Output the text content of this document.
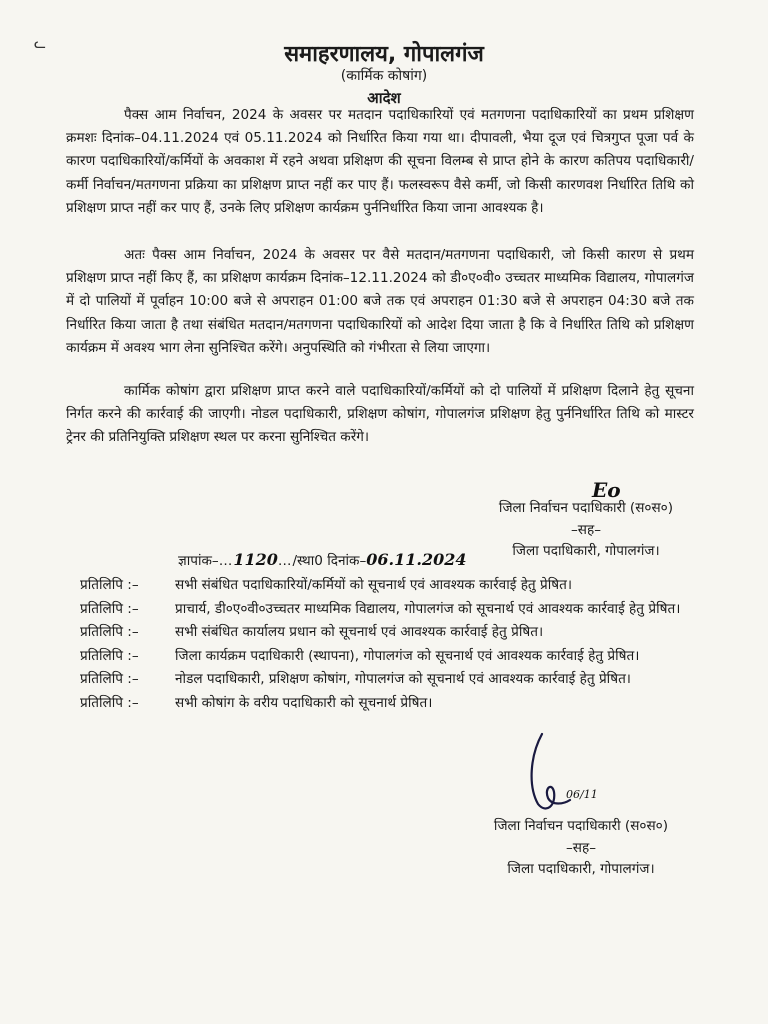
ᓚ	समाहरणालय, गोपालगंज
(कार्मिक कोषांग)
आदेश
पैक्स आम निर्वाचन, 2024 के अवसर पर मतदान पदाधिकारियों एवं मतगणना पदाधिकारियों का प्रथम प्रशिक्षण क्रमशः दिनांक–04.11.2024 एवं 05.11.2024 को निर्धारित किया गया था। दीपावली, भैया दूज एवं चित्रगुप्त पूजा पर्व के कारण पदाधिकारियों/कर्मियों के अवकाश में रहने अथवा प्रशिक्षण की सूचना विलम्ब से प्राप्त होने के कारण कतिपय पदाधिकारी/कर्मी निर्वाचन/मतगणना प्रक्रिया का प्रशिक्षण प्राप्त नहीं कर पाए हैं। फलस्वरूप वैसे कर्मी, जो किसी कारणवश निर्धारित तिथि को प्रशिक्षण प्राप्त नहीं कर पाए हैं, उनके लिए प्रशिक्षण कार्यक्रम पुर्ननिर्धारित किया जाना आवश्यक है।
अतः पैक्स आम निर्वाचन, 2024 के अवसर पर वैसे मतदान/मतगणना पदाधिकारी, जो किसी कारण से प्रथम प्रशिक्षण प्राप्त नहीं किए हैं, का प्रशिक्षण कार्यक्रम दिनांक–12.11.2024 को डी०ए०वी० उच्चतर माध्यमिक विद्यालय, गोपालगंज में दो पालियों में पूर्वाहन 10:00 बजे से अपराहन 01:00 बजे तक एवं अपराहन 01:30 बजे से अपराहन 04:30 बजे तक निर्धारित किया जाता है तथा संबंधित मतदान/मतगणना पदाधिकारियों को आदेश दिया जाता है कि वे निर्धारित तिथि को प्रशिक्षण कार्यक्रम में अवश्य भाग लेना सुनिश्चित करेंगे। अनुपस्थिति को गंभीरता से लिया जाएगा।
कार्मिक कोषांग द्वारा प्रशिक्षण प्राप्त करने वाले पदाधिकारियों/कर्मियों को दो पालियों में प्रशिक्षण दिलाने हेतु सूचना निर्गत करने की कार्रवाई की जाएगी। नोडल पदाधिकारी, प्रशिक्षण कोषांग, गोपालगंज प्रशिक्षण हेतु पुर्ननिर्धारित तिथि को मास्टर ट्रेनर की प्रतिनियुक्ति प्रशिक्षण स्थल पर करना सुनिश्चित करेंगे।
Eo
जिला निर्वाचन पदाधिकारी (स०स०)
–सह–
जिला पदाधिकारी, गोपालगंज।
ज्ञापांक–…1120…/स्था0 दिनांक–06.11.2024
प्रतिलिपि :–	सभी संबंधित पदाधिकारियों/कर्मियों को सूचनार्थ एवं आवश्यक कार्रवाई हेतु प्रेषित।
प्रतिलिपि :–	प्राचार्य, डी०ए०वी०उच्चतर माध्यमिक विद्यालय, गोपालगंज को सूचनार्थ एवं आवश्यक कार्रवाई हेतु प्रेषित।
प्रतिलिपि :–	सभी संबंधित कार्यालय प्रधान को सूचनार्थ एवं आवश्यक कार्रवाई हेतु प्रेषित।
प्रतिलिपि :–	जिला कार्यक्रम पदाधिकारी (स्थापना), गोपालगंज को सूचनार्थ एवं आवश्यक कार्रवाई हेतु प्रेषित।
प्रतिलिपि :–	नोडल पदाधिकारी, प्रशिक्षण कोषांग, गोपालगंज को सूचनार्थ एवं आवश्यक कार्रवाई हेतु प्रेषित।
प्रतिलिपि :–	सभी कोषांग के वरीय पदाधिकारी को सूचनार्थ प्रेषित।
06/11
जिला निर्वाचन पदाधिकारी (स०स०)
–सह–
जिला पदाधिकारी, गोपालगंज।
